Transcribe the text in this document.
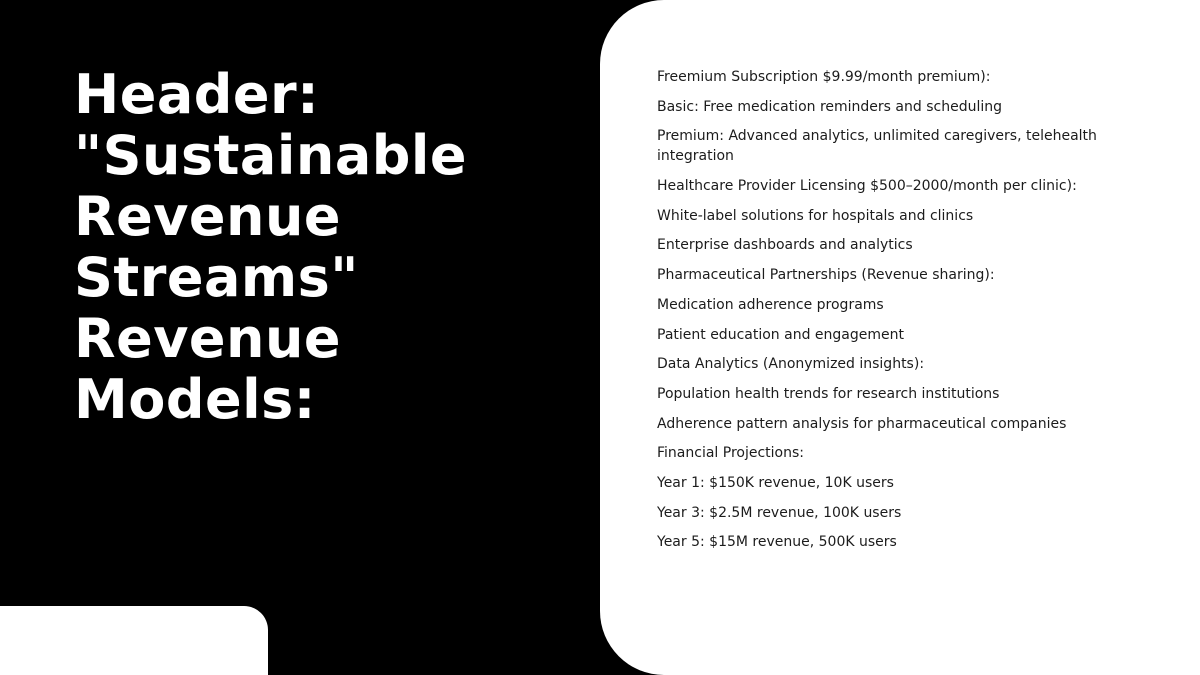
Header:
"Sustainable
Revenue
Streams"
Revenue
Models:
Freemium Subscription $9.99/month premium):
Basic: Free medication reminders and scheduling
Premium: Advanced analytics, unlimited caregivers, telehealth integration
Healthcare Provider Licensing $500–2000/month per clinic):
White-label solutions for hospitals and clinics
Enterprise dashboards and analytics
Pharmaceutical Partnerships (Revenue sharing):
Medication adherence programs
Patient education and engagement
Data Analytics (Anonymized insights):
Population health trends for research institutions
Adherence pattern analysis for pharmaceutical companies
Financial Projections:
Year 1: $150K revenue, 10K users
Year 3: $2.5M revenue, 100K users
Year 5: $15M revenue, 500K users
